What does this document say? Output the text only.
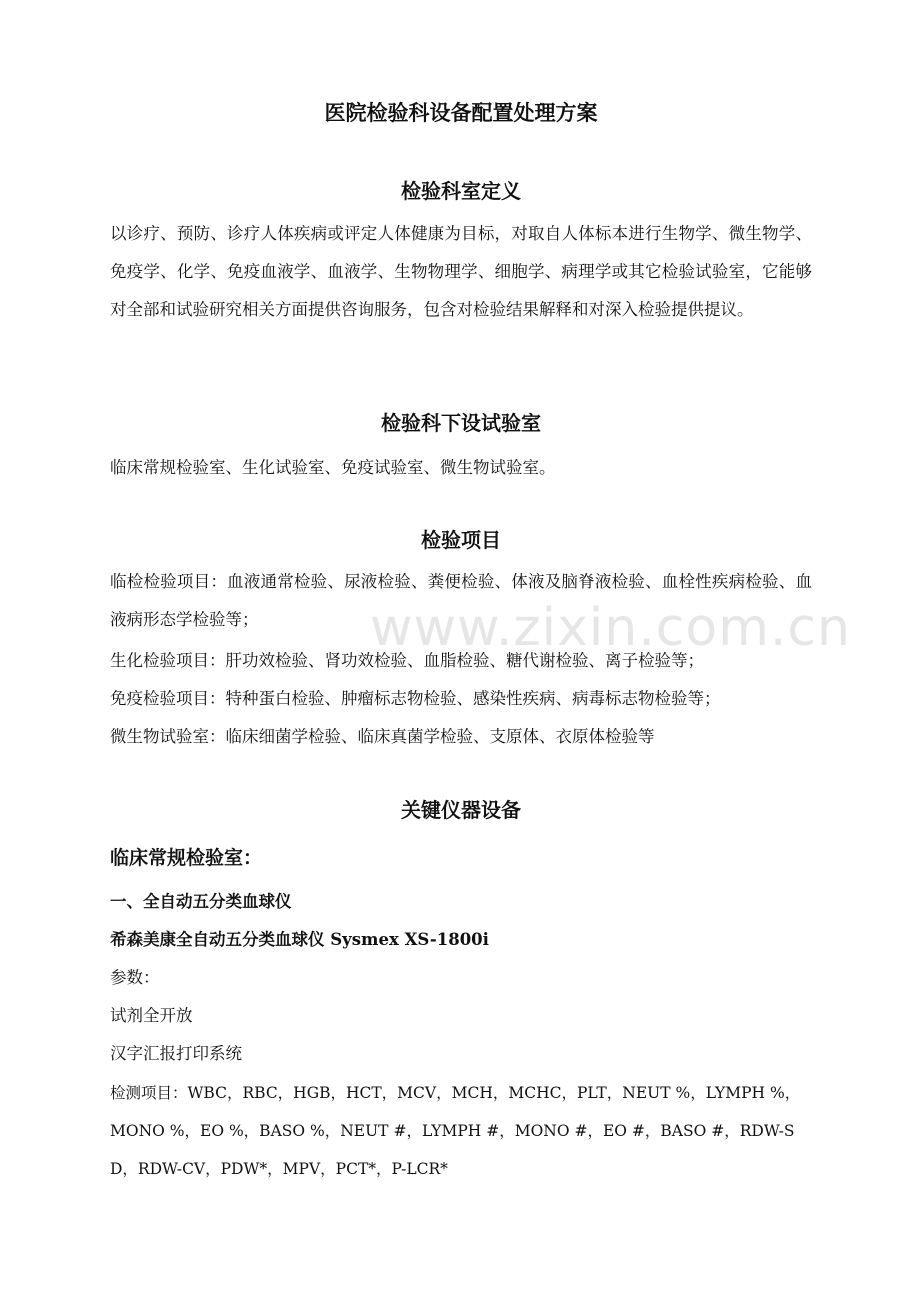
www.zixin.com.cn
医院检验科设备配置处理方案
检验科室定义
以诊疗、预防、诊疗人体疾病或评定人体健康为目标，对取自人体标本进行生物学、微生物学、免疫学、化学、免疫血液学、血液学、生物物理学、细胞学、病理学或其它检验试验室，它能够对全部和试验研究相关方面提供咨询服务，包含对检验结果解释和对深入检验提供提议。
检验科下设试验室
临床常规检验室、生化试验室、免疫试验室、微生物试验室。
检验项目
临检检验项目：血液通常检验、尿液检验、粪便检验、体液及脑脊液检验、血栓性疾病检验、血液病形态学检验等；
生化检验项目：肝功效检验、肾功效检验、血脂检验、糖代谢检验、离子检验等；
免疫检验项目：特种蛋白检验、肿瘤标志物检验、感染性疾病、病毒标志物检验等；
微生物试验室：临床细菌学检验、临床真菌学检验、支原体、衣原体检验等
关键仪器设备
临床常规检验室：
一、全自动五分类血球仪
希森美康全自动五分类血球仪 Sysmex XS-1800i
参数：
试剂全开放
汉字汇报打印系统
检测项目：WBC，RBC，HGB，HCT，MCV，MCH，MCHC，PLT，NEUT %，LYMPH %，MONO %，EO %，BASO %，NEUT #，LYMPH #，MONO #，EO #，BASO #，RDW-SD，RDW-CV，PDW*，MPV，PCT*，P-LCR*
